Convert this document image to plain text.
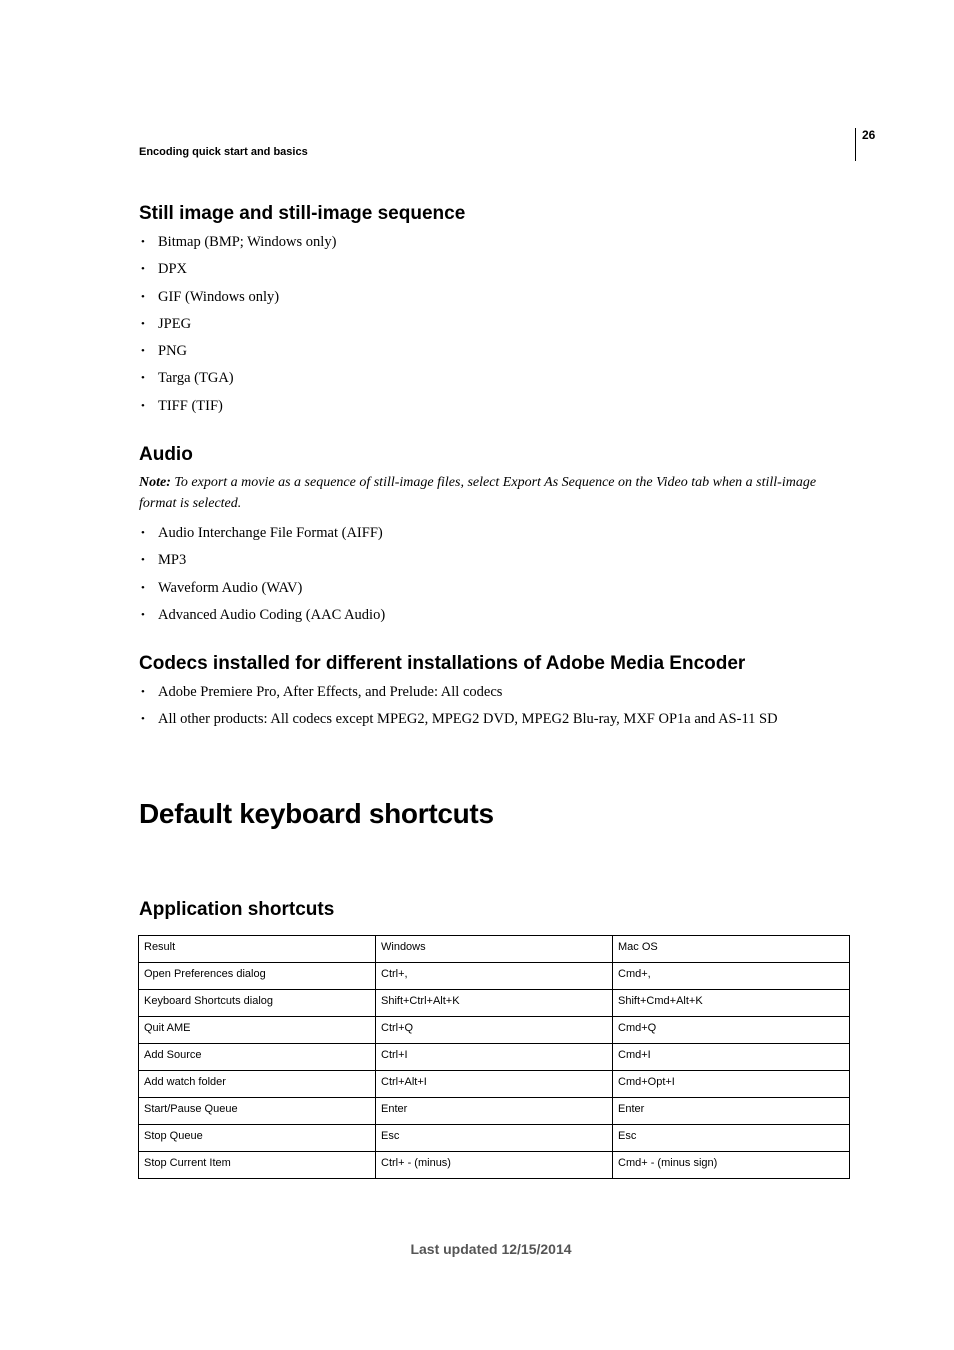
26
Encoding quick start and basics
Still image and still-image sequence
• Bitmap (BMP; Windows only)
• DPX
• GIF (Windows only)
• JPEG
• PNG
• Targa (TGA)
• TIFF (TIF)
Audio

Note: To export a movie as a sequence of still-image files, select Export As Sequence on the Video tab when a still-image format is selected.

• Audio Interchange File Format (AIFF)
• MP3
• Waveform Audio (WAV)
• Advanced Audio Coding (AAC Audio)
Codecs installed for different installations of Adobe Media Encoder
• Adobe Premiere Pro, After Effects, and Prelude: All codecs
• All other products: All codecs except MPEG2, MPEG2 DVD, MPEG2 Blu-ray, MXF OP1a and AS-11 SD
Default keyboard shortcuts
Application shortcuts
Result	Windows	Mac OS
Open Preferences dialog	Ctrl+,	Cmd+,
Keyboard Shortcuts dialog	Shift+Ctrl+Alt+K	Shift+Cmd+Alt+K
Quit AME	Ctrl+Q	Cmd+Q
Add Source	Ctrl+I	Cmd+I
Add watch folder	Ctrl+Alt+I	Cmd+Opt+I
Start/Pause Queue	Enter	Enter
Stop Queue	Esc	Esc
Stop Current Item	Ctrl+ - (minus)	Cmd+ - (minus sign)
Last updated 12/15/2014
